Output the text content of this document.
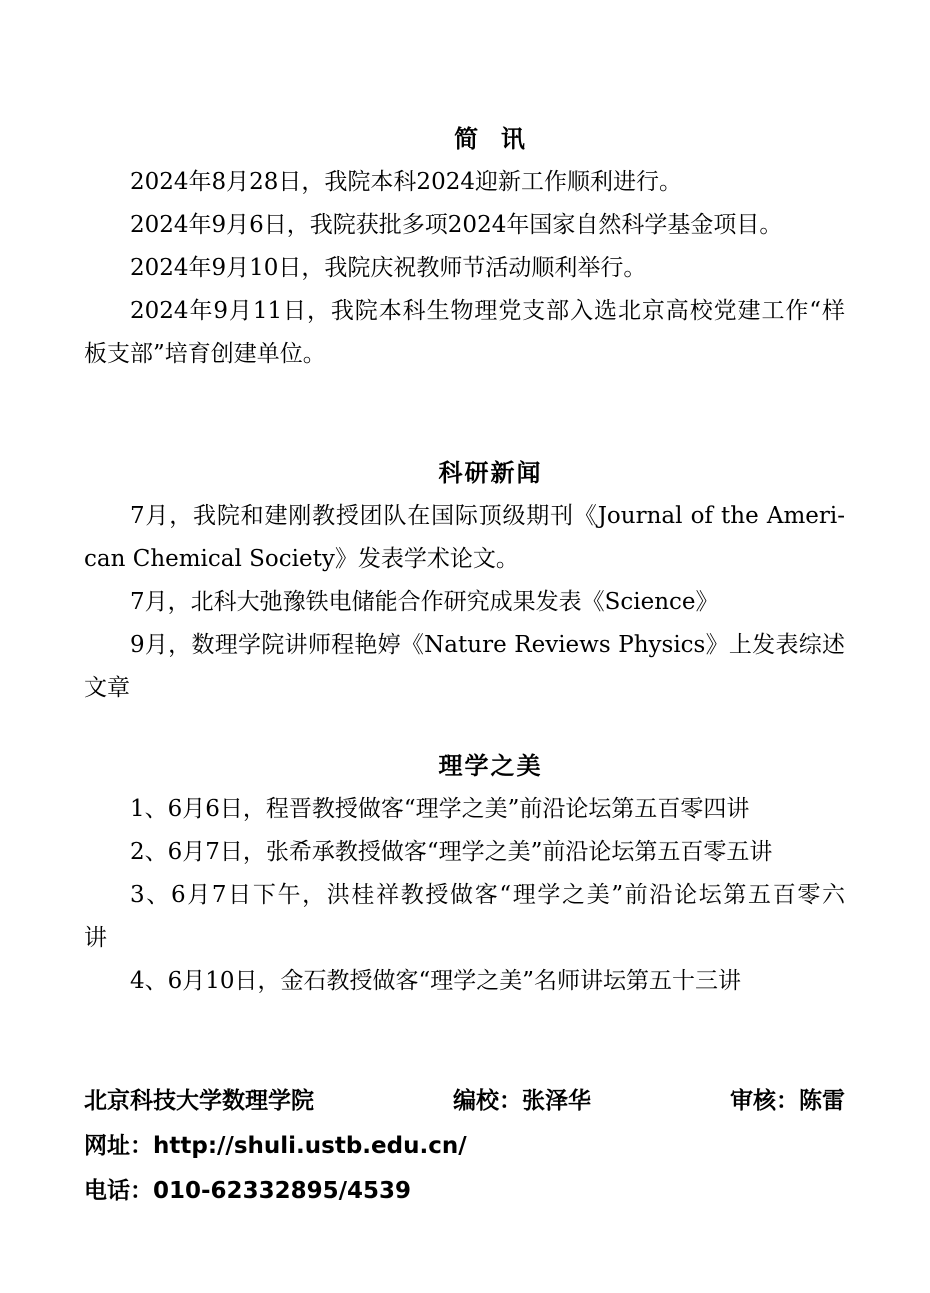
简  讯
2024年8月28日，我院本科2024迎新工作顺利进行。
2024年9月6日，我院获批多项2024年国家自然科学基金项目。
2024年9月10日，我院庆祝教师节活动顺利举行。
2024年9月11日，我院本科生物理党支部入选北京高校党建工作“样
板支部”培育创建单位。
科研新闻
7月，我院和建刚教授团队在国际顶级期刊《Journal of the Ameri-
can Chemical Society》发表学术论文。
7月，北科大弛豫铁电储能合作研究成果发表《Science》
9月，数理学院讲师程艳婷《Nature Reviews Physics》上发表综述
文章
理学之美
1、6月6日，程晋教授做客“理学之美”前沿论坛第五百零四讲
2、6月7日，张希承教授做客“理学之美”前沿论坛第五百零五讲
3、6月7日下午，洪桂祥教授做客“理学之美”前沿论坛第五百零六
讲
4、6月10日，金石教授做客“理学之美”名师讲坛第五十三讲
北京科技大学数理学院	编校：张泽华	审核：陈雷
网址：http://shuli.ustb.edu.cn/
电话：010-62332895/4539
